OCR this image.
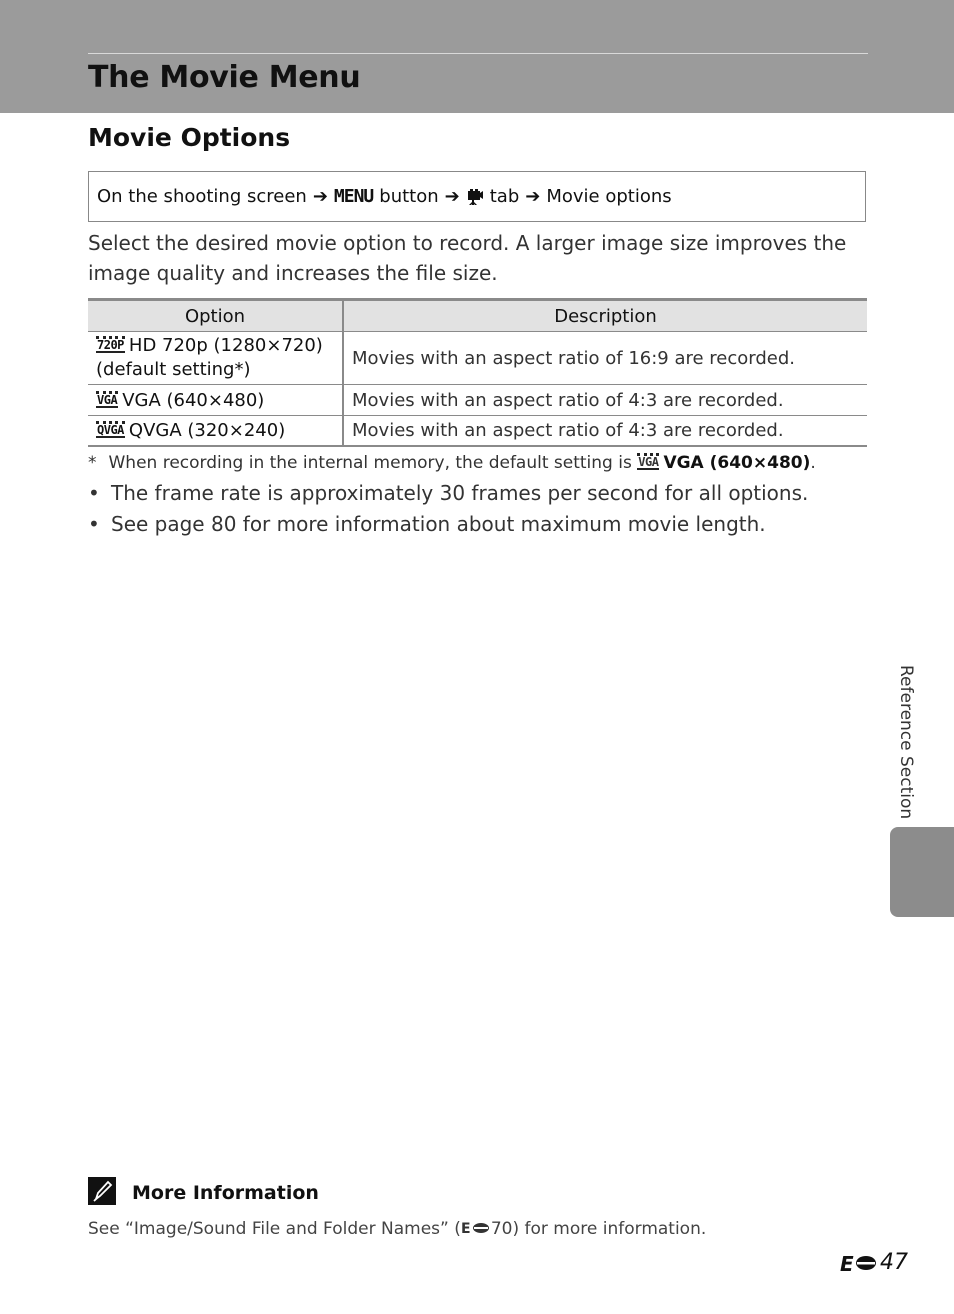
The Movie Menu
Movie Options
On the shooting screen ➔ MENU button ➔ tab ➔ Movie options

Select the desired movie option to record. A larger image size improves the image quality and increases the file size.

Option	Description
720P HD 720p (1280×720)
(default setting*)	Movies with an aspect ratio of 16:9 are recorded.
VGA VGA (640×480)	Movies with an aspect ratio of 4:3 are recorded.
QVGA QVGA (320×240)	Movies with an aspect ratio of 4:3 are recorded.

* When recording in the internal memory, the default setting is VGA VGA (640×480).

• The frame rate is approximately 30 frames per second for all options.
• See page 80 for more information about maximum movie length.
Reference Section
More Information

See “Image/Sound File and Folder Names” ( E 70) for more information.

E 47
